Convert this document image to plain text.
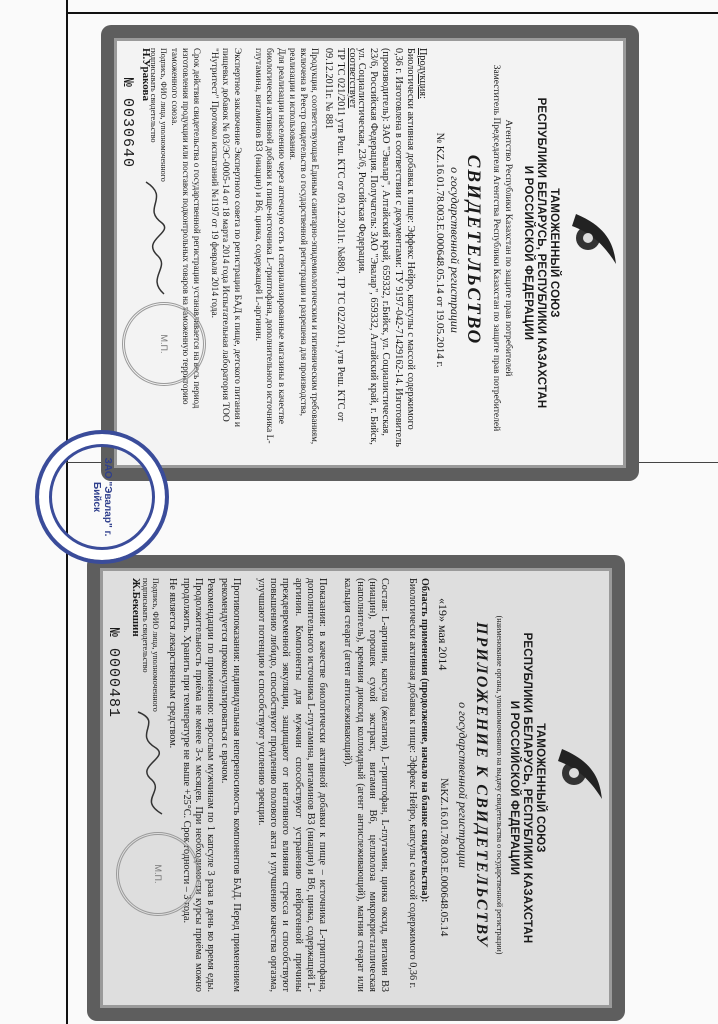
ТАМОЖЕННЫЙ СОЮЗ
РЕСПУБЛИКИ БЕЛАРУСЬ, РЕСПУБЛИКИ КАЗАХСТАН
И РОССИЙСКОЙ ФЕДЕРАЦИИ
Агентство Республики Казахстан по защите прав потребителей
Заместитель Председателя Агентства Республики Казахстан по защите прав потребителей
СВИДЕТЕЛЬСТВО
о государственной регистрации
№ KZ.16.01.78.003.E.000648.05.14 от 19.05.2014 г.
Продукция:
Биологически активная добавка к пище: Эффекс Нейро, капсулы с массой содержимого 0,36 г. Изготовлена в соответствии с документами: ТУ 9197-042-71429162-14. Изготовитель (производитель): ЗАО "Эвалар", Алтайский край, 659332, г.Бийск, ул. Социалистическая, 23/6, Российская Федерация. Получатель: ЗАО "Эвалар", 659332, Алтайский край, г. Бийск, ул. Социалистическая, 23/6, Российская Федерация.
соответствует
ТР ТС 021/2011 утв Реш. КТС от 09.12.2011г. №880, ТР ТС 022/2011, утв Реш. КТС от 09.12.2011г. № 881
Продукция, соответствующая Единым санитарно-эпидемиологическим и гигиеническим требованиям, включена в Реестр свидетельств о государственной регистрации и разрешена для производства, реализации и использования.
Для реализации населению через аптечную сеть и специализированные магазины в качестве биологически активной добавки к пище-источника L-триптофана, дополнительного источника L-глутамина, витаминов В3 (ниацин) и В6, цинка, содержащей L-аргинин.
Экспертное заключение Экспертного совета по регистрации БАД к пище, детского питания и пищевых добавок № 03/ЭС-0005-14 от 18 марта 2014 года Испытательная лаборатория ТОО "Нутритест" Протокол испытаний №1197 от 19 февраля 2014 года.
Срок действия свидетельства о государственной регистрации устанавливается на весь период изготовления продукции или поставок подконтрольных товаров на таможенную территорию таможенного союза.
Подпись, ФИО лица, уполномоченного подписывать свидетельство
Н.Уракова
М.П.
№ 0030640
ТАМОЖЕННЫЙ СОЮЗ
РЕСПУБЛИКИ БЕЛАРУСЬ, РЕСПУБЛИКИ КАЗАХСТАН
И РОССИЙСКОЙ ФЕДЕРАЦИИ
(наименование органа, уполномоченного на выдачу свидетельства о государственной регистрации)
ПРИЛОЖЕНИЕ К СВИДЕТЕЛЬСТВУ
о государственной регистрации
«19» мая 2014
№KZ.16.01.78.003.E.000648.05.14
Область применения (продолжение, начало на бланке свидетельства):
Биологически активная добавка к пище: Эффекс Нейро, капсулы с массой содержимого 0,36 г.
Состав: L-аргинин, капсула (желатин), L-триптофан, L-глутамин, цинка оксид, витамин В3 (ниацин), горошек сухой экстракт, витамин В6, целлюлоза микрокристаллическая (наполнитель), кремния диоксид коллоидный (агент антислеживающий), магния стеарат или кальция стеарат (агент антислеживающий).
Показания: в качестве биологически активной добавки к пище – источника L-триптофана, дополнительного источника L-глутамина, витаминов В3 (ниацин) и В6, цинка, содержащей L-аргинин. Компоненты для мужчин способствуют устранению нейрогенной причины преждевременной эякуляции, защищают от негативного влияния стресса и способствуют повышению либидо, способствуют продлению полового акта и улучшению качества оргазма, улучшают потенцию и способствуют усилению эрекции.
Противопоказания: индивидуальная непереносимость компонентов БАД. Перед применением рекомендуется проконсультироваться с врачом.
Рекомендации по применению: взрослым мужчинам по 1 капсуле 3 раза в день во время еды. Продолжительность приёма не менее 3-х месяцев. При необходимости курсы приёма можно продолжить. Хранить при температуре не выше +25°С. Срок годности – 3 года.
Не является лекарственным средством.
Подпись, ФИО лица, уполномоченного подписывать свидетельство
Ж.Бекешин
М.П.
№ 0000481
ЗАО "Эвалар" г. Бийск
